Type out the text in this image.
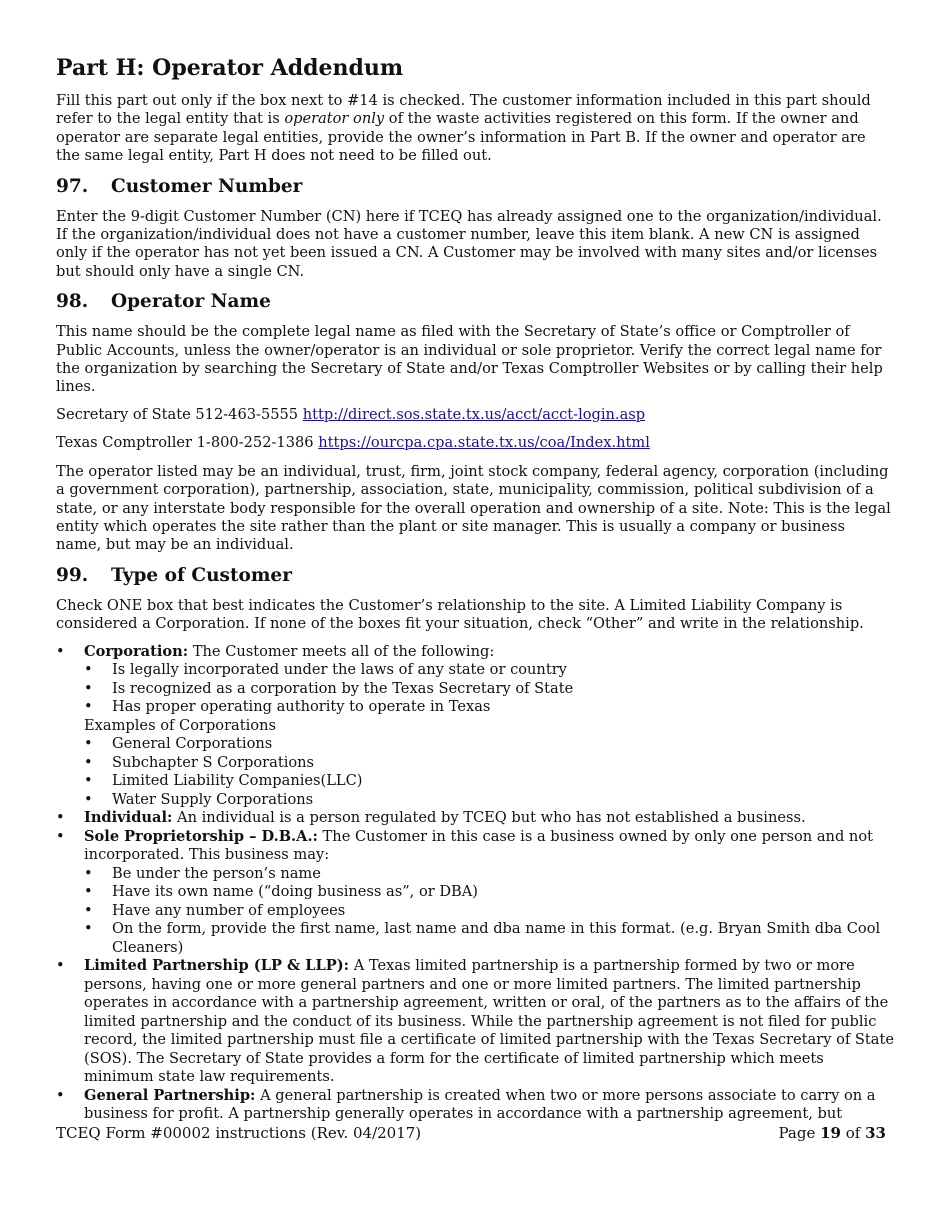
Part H: Operator Addendum

Fill this part out only if the box next to #14 is checked. The customer information included in this part should refer to the legal entity that is operator only of the waste activities registered on this form. If the owner and operator are separate legal entities, provide the owner’s information in Part B. If the owner and operator are the same legal entity, Part H does not need to be filled out.

97.	Customer Number

Enter the 9-digit Customer Number (CN) here if TCEQ has already assigned one to the organization/individual. If the organization/individual does not have a customer number, leave this item blank. A new CN is assigned only if the operator has not yet been issued a CN. A Customer may be involved with many sites and/or licenses but should only have a single CN.

98.	Operator Name

This name should be the complete legal name as filed with the Secretary of State’s office or Comptroller of Public Accounts, unless the owner/operator is an individual or sole proprietor. Verify the correct legal name for the organization by searching the Secretary of State and/or Texas Comptroller Websites or by calling their help lines.

Secretary of State 512-463-5555 http://direct.sos.state.tx.us/acct/acct-login.asp

Texas Comptroller 1-800-252-1386 https://ourcpa.cpa.state.tx.us/coa/Index.html

The operator listed may be an individual, trust, firm, joint stock company, federal agency, corporation (including a government corporation), partnership, association, state, municipality, commission, political subdivision of a state, or any interstate body responsible for the overall operation and ownership of a site. Note: This is the legal entity which operates the site rather than the plant or site manager. This is usually a company or business name, but may be an individual.

99.	Type of Customer

Check ONE box that best indicates the Customer’s relationship to the site. A Limited Liability Company is considered a Corporation. If none of the boxes fit your situation, check “Other” and write in the relationship.

• Corporation: The Customer meets all of the following:
• Is legally incorporated under the laws of any state or country
• Is recognized as a corporation by the Texas Secretary of State
• Has proper operating authority to operate in Texas
Examples of Corporations
• General Corporations
• Subchapter S Corporations
• Limited Liability Companies(LLC)
• Water Supply Corporations
• Individual: An individual is a person regulated by TCEQ but who has not established a business.
• Sole Proprietorship – D.B.A.: The Customer in this case is a business owned by only one person and not incorporated. This business may:
• Be under the person’s name
• Have its own name (“doing business as”, or DBA)
• Have any number of employees
• On the form, provide the first name, last name and dba name in this format. (e.g. Bryan Smith dba Cool Cleaners)
• Limited Partnership (LP & LLP): A Texas limited partnership is a partnership formed by two or more persons, having one or more general partners and one or more limited partners. The limited partnership operates in accordance with a partnership agreement, written or oral, of the partners as to the affairs of the limited partnership and the conduct of its business. While the partnership agreement is not filed for public record, the limited partnership must file a certificate of limited partnership with the Texas Secretary of State (SOS). The Secretary of State provides a form for the certificate of limited partnership which meets minimum state law requirements.
• General Partnership: A general partnership is created when two or more persons associate to carry on a business for profit. A partnership generally operates in accordance with a partnership agreement, but
TCEQ Form #00002 instructions (Rev. 04/2017)	Page 19 of 33
